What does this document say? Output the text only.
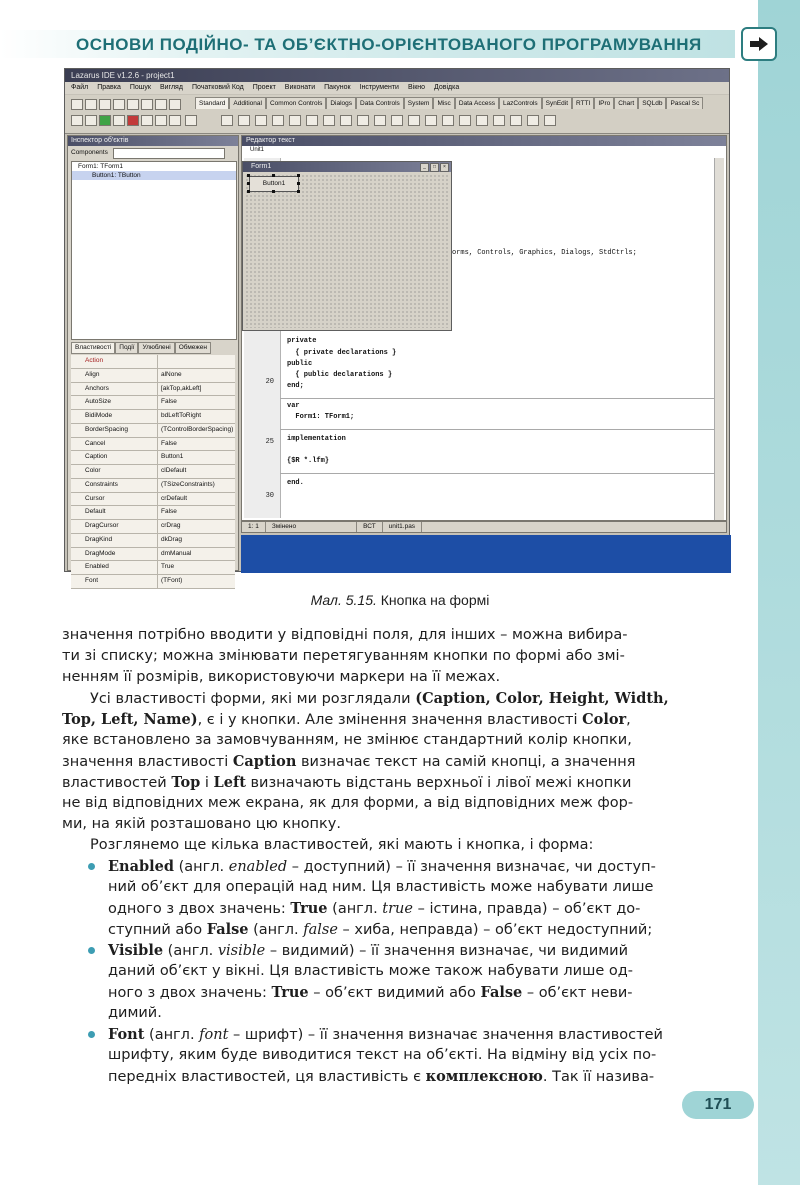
ОСНОВИ ПОДІЙНО- ТА ОБ’ЄКТНО-ОРІЄНТОВАНОГО ПРОГРАМУВАННЯ
Lazarus IDE v1.2.6 - project1
Файл Правка Пошук Вигляд Початковий Код Проект Виконати Пакунок Інструменти Вікно Довідка
Standard	Additional	Common Controls	Dialogs	Data Controls	System	Misc	Data Access	LazControls	SynEdit	RTTI	IPro	Chart	SQLdb	Pascal Sc
Інспектор об'єктів
Components
Form1: TForm1
Button1: TButton
Властивості	Події	Улюблені	Обмежен
Action
Align	alNone
Anchors	[akTop,akLeft]
AutoSize	False
BidiMode	bdLeftToRight
BorderSpacing	(TControlBorderSpacing)
Cancel	False
Caption	Button1
Color	clDefault
Constraints	(TSizeConstraints)
Cursor	crDefault
Default	False
DragCursor	crDrag
DragKind	dkDrag
DragMode	dmManual
Enabled	True
Font	(TFont)
Редактор текст
Unit1
20
25
30
orms, Controls, Graphics, Dialogs, StdCtrls;
private
{ private declarations }
public
{ public declarations }
end;
var
Form1: TForm1;
implementation
{$R *.lfm}
end.
1: 1	Змінено	ВСТ	unit1.pas
Form1	_	□	×
Button1
Мал. 5.15. Кнопка на формі
значення потрібно вводити у відповідні поля, для інших – можна вибира-
ти зі списку; можна змінювати перетягуванням кнопки по формі або змі-
ненням її розмірів, використовуючи маркери на її межах.
Усі властивості форми, які ми розглядали (Caption, Color, Height, Width,
Top, Left, Name), є і у кнопки. Але змінення значення властивості Color,
яке встановлено за замовчуванням, не змінює стандартний колір кнопки,
значення властивості Caption визначає текст на самій кнопці, а значення
властивостей Top і Left визначають відстань верхньої і лівої межі кнопки
не від відповідних меж екрана, як для форми, а від відповідних меж фор-
ми, на якій розташовано цю кнопку.
Розглянемо ще кілька властивостей, які мають і кнопка, і форма:
Enabled (англ. enabled – доступний) – її значення визначає, чи доступ-
ний об’єкт для операцій над ним. Ця властивість може набувати лише
одного з двох значень: True (англ. true – істина, правда) – об’єкт до-
ступний або False (англ. false – хиба, неправда) – об’єкт недоступний;
Visible (англ. visible – видимий) – її значення визначає, чи видимий
даний об’єкт у вікні. Ця властивість може також набувати лише од-
ного з двох значень: True – об’єкт видимий або False – об’єкт неви-
димий.
Font (англ. font – шрифт) – її значення визначає значення властивостей
шрифту, яким буде виводитися текст на об’єкті. На відміну від усіх по-
передніх властивостей, ця властивість є комплексною. Так її назива-
171
